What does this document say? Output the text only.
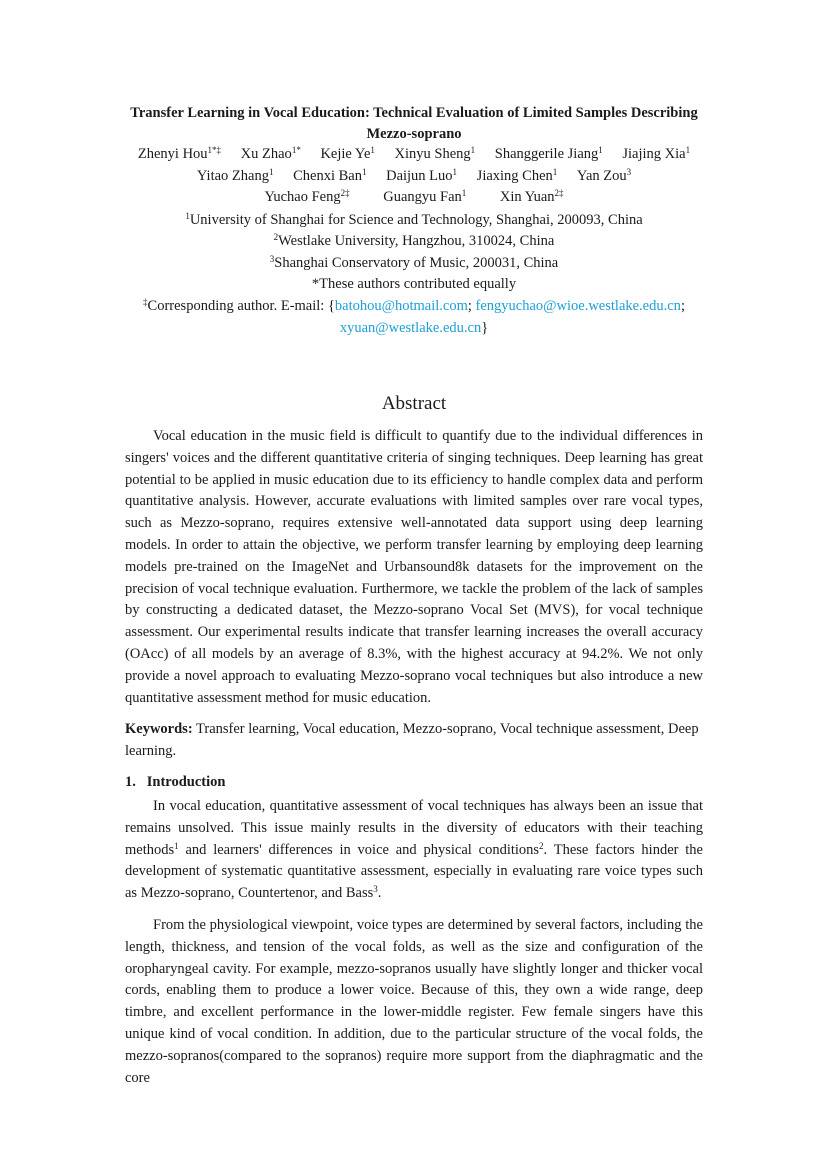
Transfer Learning in Vocal Education: Technical Evaluation of Limited Samples Describing Mezzo-soprano
Zhenyi Hou$^{1*\ddagger}$ Xu Zhao$^{1*}$ Kejie Ye$^1$ Xinyu Sheng$^1$ Shanggerile Jiang$^1$ Jiajing Xia$^1$
Yitao Zhang$^1$ Chenxi Ban$^1$ Daijun Luo$^1$ Jiaxing Chen$^1$ Yan Zou$^3$
Yuchao Feng$^{2\ddagger}$ Guangyu Fan$^1$ Xin Yuan$^{2\ddagger}$
$^1$University of Shanghai for Science and Technology, Shanghai, 200093, China
$^2$Westlake University, Hangzhou, 310024, China
$^3$Shanghai Conservatory of Music, 200031, China
*These authors contributed equally
‡Corresponding author. E-mail: {batohou@hotmail.com; fengyuchao@wioe.westlake.edu.cn;
xyuan@westlake.edu.cn}
Abstract
Vocal education in the music field is difficult to quantify due to the individual differences in singers' voices and the different quantitative criteria of singing techniques. Deep learning has great potential to be applied in music education due to its efficiency to handle complex data and perform quantitative analysis. However, accurate evaluations with limited samples over rare vocal types, such as Mezzo-soprano, requires extensive well-annotated data support using deep learning models. In order to attain the objective, we perform transfer learning by employing deep learning models pre-trained on the ImageNet and Urbansound8k datasets for the improvement on the precision of vocal technique evaluation. Furthermore, we tackle the problem of the lack of samples by constructing a dedicated dataset, the Mezzo-soprano Vocal Set (MVS), for vocal technique assessment. Our experimental results indicate that transfer learning increases the overall accuracy (OAcc) of all models by an average of 8.3%, with the highest accuracy at 94.2%. We not only provide a novel approach to evaluating Mezzo-soprano vocal techniques but also introduce a new quantitative assessment method for music education.
Keywords: Transfer learning, Vocal education, Mezzo-soprano, Vocal technique assessment, Deep learning.
1.   Introduction
In vocal education, quantitative assessment of vocal techniques has always been an issue that remains unsolved. This issue mainly results in the diversity of educators with their teaching methods$^1$ and learners' differences in voice and physical conditions$^2$. These factors hinder the development of systematic quantitative assessment, especially in evaluating rare voice types such as Mezzo-soprano, Countertenor, and Bass$^3$.
From the physiological viewpoint, voice types are determined by several factors, including the length, thickness, and tension of the vocal folds, as well as the size and configuration of the oropharyngeal cavity. For example, mezzo-sopranos usually have slightly longer and thicker vocal cords, enabling them to produce a lower voice. Because of this, they own a wide range, deep timbre, and excellent performance in the lower-middle register. Few female singers have this unique kind of vocal condition. In addition, due to the particular structure of the vocal folds, the mezzo-sopranos(compared to the sopranos) require more support from the diaphragmatic and the core
